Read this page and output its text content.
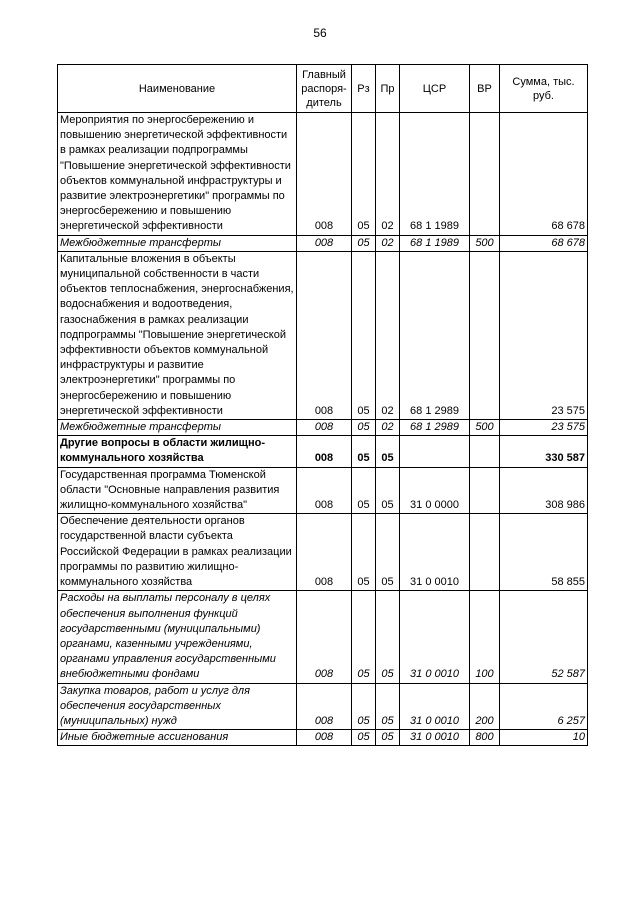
56
Наименование	Главный распоря-дитель	Рз	Пр	ЦСР	ВР	Сумма, тыс. руб.
Мероприятия по энергосбережению и повышению энергетической эффективности в рамках реализации подпрограммы "Повышение энергетической эффективности объектов коммунальной инфраструктуры и развитие электроэнергетики" программы по энергосбережению и повышению энергетической эффективности	008	05	02	68 1 1989		68 678
Межбюджетные трансферты	008	05	02	68 1 1989	500	68 678
Капитальные вложения в объекты муниципальной собственности в части объектов теплоснабжения, энергоснабжения, водоснабжения и водоотведения, газоснабжения в рамках реализации подпрограммы "Повышение энергетической эффективности объектов коммунальной инфраструктуры и развитие электроэнергетики" программы по энергосбережению и повышению энергетической эффективности	008	05	02	68 1 2989		23 575
Межбюджетные трансферты	008	05	02	68 1 2989	500	23 575
Другие вопросы в области жилищно-коммунального хозяйства	008	05	05			330 587
Государственная программа Тюменской области "Основные направления развития жилищно-коммунального хозяйства"	008	05	05	31 0 0000		308 986
Обеспечение деятельности органов государственной власти субъекта Российской Федерации в рамках реализации программы по развитию жилищно-коммунального хозяйства	008	05	05	31 0 0010		58 855
Расходы на выплаты персоналу в целях обеспечения выполнения функций государственными (муниципальными) органами, казенными учреждениями, органами управления государственными внебюджетными фондами	008	05	05	31 0 0010	100	52 587
Закупка товаров, работ и услуг для обеспечения государственных (муниципальных) нужд	008	05	05	31 0 0010	200	6 257
Иные бюджетные ассигнования	008	05	05	31 0 0010	800	10
